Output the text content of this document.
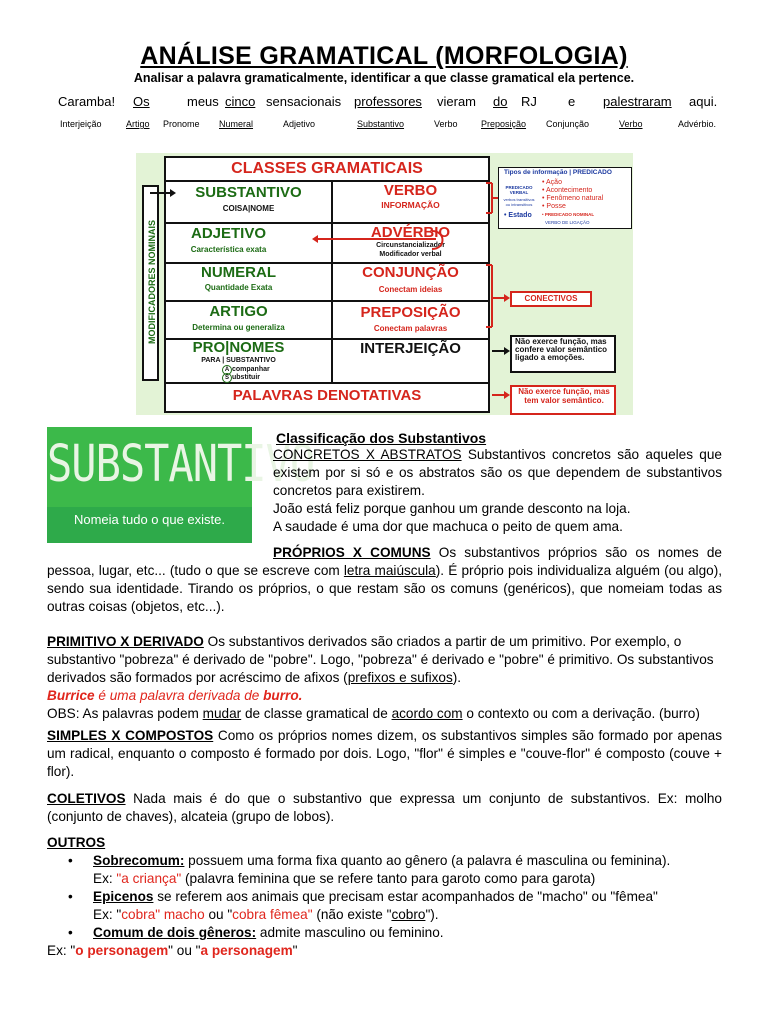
ANÁLISE GRAMATICAL (MORFOLOGIA)
Analisar a palavra gramaticalmente, identificar a que classe gramatical ela pertence.
Caramba! Os	meus cinco sensacionais professores vieram do RJ e palestraram aqui.
Interjeição	Artigo Pronome Numeral	Adjetivo	Substantivo	Verbo	Preposição Conjunção	Verbo	Advérbio.
MODIFICADORES NOMINAIS
CLASSES GRAMATICAIS
SUBSTANTIVO
COISA|NOME
VERBO
INFORMAÇÃO
ADJETIVO
Característica exata
ADVÉRBIO
Circunstancializador
Modificador verbal
NUMERAL
Quantidade Exata
CONJUNÇÃO
Conectam ideias
ARTIGO
Determina ou generaliza
PREPOSIÇÃO
Conectam palavras
PRO|NOMES
PARA | SUBSTANTIVO
A companhar
S ubstituir
INTERJEIÇÃO
PALAVRAS DENOTATIVAS
Tipos de informação | PREDICADO
PREDICADO VERBAL
verbos transitivos ou intransitivos
• Ação
• Acontecimento
• Fenômeno natural
• Posse
• Estado • PREDICADO NOMINAL
VERBO DE LIGAÇÃO
CONECTIVOS
Não exerce função, mas confere valor semântico ligado a emoções.
Não exerce função, mas tem valor semântico.
SUBSTANTIVO
Nomeia tudo o que existe.
Classificação dos Substantivos
CONCRETOS X ABSTRATOS Substantivos concretos são aqueles que existem por si só e os abstratos são os que dependem de substantivos concretos para existirem.
João está feliz porque ganhou um grande desconto na loja.
A saudade é uma dor que machuca o peito de quem ama.
PRÓPRIOS X COMUNS Os substantivos próprios são os nomes de pessoa, lugar, etc... (tudo o que se escreve com letra maiúscula). É próprio pois individualiza alguém (ou algo), sendo sua identidade. Tirando os próprios, o que restam são os comuns (genéricos), que nomeiam todas as outras coisas (objetos, etc...).
PRIMITIVO X DERIVADO Os substantivos derivados são criados a partir de um primitivo. Por exemplo, o substantivo "pobreza" é derivado de "pobre". Logo, "pobreza" é derivado e "pobre" é primitivo. Os substantivos derivados são formados por acréscimo de afixos (prefixos e sufixos).
Burrice é uma palavra derivada de burro.
OBS: As palavras podem mudar de classe gramatical de acordo com o contexto ou com a derivação. (burro)
SIMPLES X COMPOSTOS Como os próprios nomes dizem, os substantivos simples são formado por apenas um radical, enquanto o composto é formado por dois. Logo, "flor" é simples e "couve-flor" é composto (couve + flor).
COLETIVOS Nada mais é do que o substantivo que expressa um conjunto de substantivos. Ex: molho (conjunto de chaves), alcateia (grupo de lobos).
OUTROS
• Sobrecomum: possuem uma forma fixa quanto ao gênero (a palavra é masculina ou feminina).
Ex: "a criança" (palavra feminina que se refere tanto para garoto como para garota)
• Epicenos se referem aos animais que precisam estar acompanhados de "macho" ou "fêmea"
Ex: "cobra" macho ou "cobra fêmea" (não existe "cobro").
• Comum de dois gêneros: admite masculino ou feminino.
Ex: "o personagem" ou "a personagem"
